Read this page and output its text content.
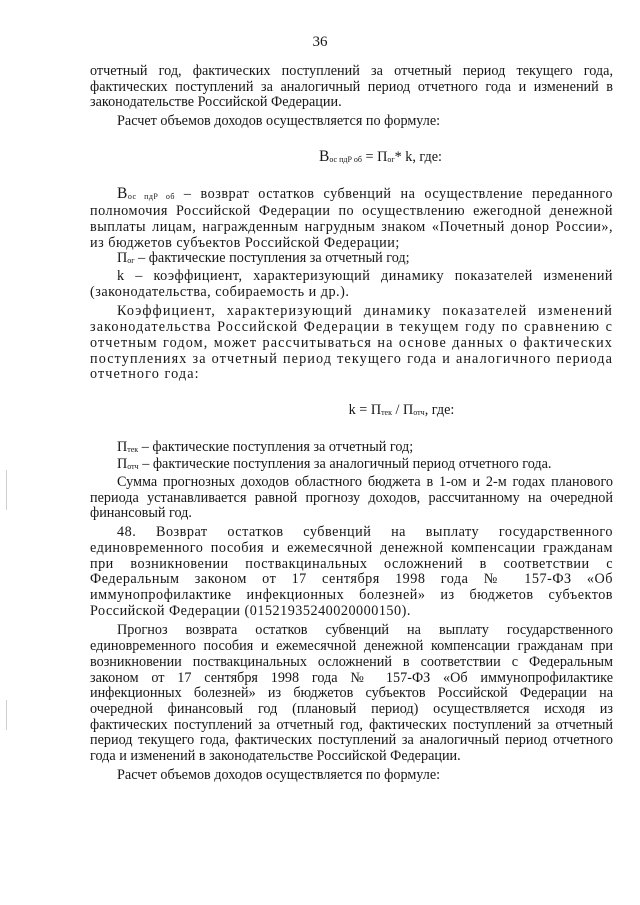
36

отчетный год, фактических поступлений за отчетный период текущего года, фактических поступлений за аналогичный период отчетного года и изменений в законодательстве Российской Федерации.

Расчет объемов доходов осуществляется по формуле:

$В_{ос пдР об} = П_{ог}*$ k, где:

$В_{ос пдР об}$ – возврат остатков субвенций на осуществление переданного полномочия Российской Федерации по осуществлению ежегодной денежной выплаты лицам, награжденным нагрудным знаком «Почетный донор России», из бюджетов субъектов Российской Федерации;

$П_{ог}$ – фактические поступления за отчетный год;

k – коэффициент, характеризующий динамику показателей изменений (законодательства, собираемость и др.).

Коэффициент, характеризующий динамику показателей изменений законодательства Российской Федерации в текущем году по сравнению с отчетным годом, может рассчитываться на основе данных о фактических поступлениях за отчетный период текущего года и аналогичного периода отчетного года:

$k = П_{тек} / П_{отч}$, где:

$П_{тек}$ – фактические поступления за отчетный год;

$П_{отч}$ – фактические поступления за аналогичный период отчетного года.

Сумма прогнозных доходов областного бюджета в 1-ом и 2-м годах планового периода устанавливается равной прогнозу доходов, рассчитанному на очередной финансовый год.

48. Возврат остатков субвенций на выплату государственного единовременного пособия и ежемесячной денежной компенсации гражданам при возникновении поствакцинальных осложнений в соответствии с Федеральным законом от 17 сентября 1998 года № 157-ФЗ «Об иммунопрофилактике инфекционных болезней» из бюджетов субъектов Российской Федерации (01521935240020000150).

Прогноз возврата остатков субвенций на выплату государственного единовременного пособия и ежемесячной денежной компенсации гражданам при возникновении поствакцинальных осложнений в соответствии с Федеральным законом от 17 сентября 1998 года № 157-ФЗ «Об иммунопрофилактике инфекционных болезней» из бюджетов субъектов Российской Федерации на очередной финансовый год (плановый период) осуществляется исходя из фактических поступлений за отчетный год, фактических поступлений за отчетный период текущего года, фактических поступлений за аналогичный период отчетного года и изменений в законодательстве Российской Федерации.

Расчет объемов доходов осуществляется по формуле:
